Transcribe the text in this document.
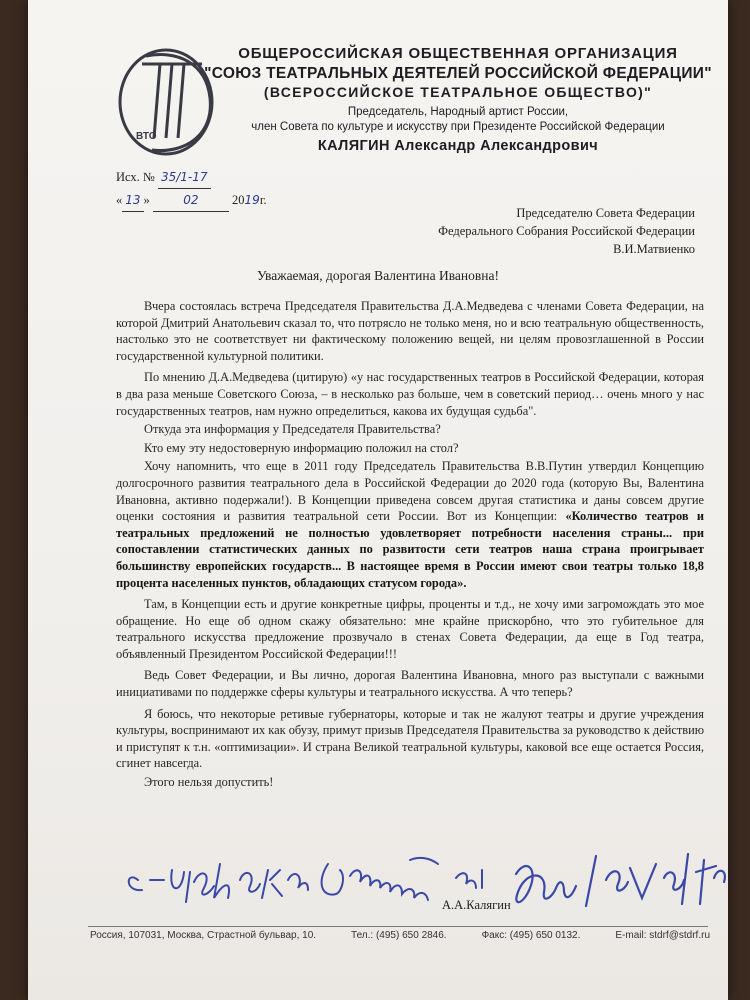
ВТО
ОБЩЕРОССИЙСКАЯ ОБЩЕСТВЕННАЯ ОРГАНИЗАЦИЯ
"СОЮЗ ТЕАТРАЛЬНЫХ ДЕЯТЕЛЕЙ РОССИЙСКОЙ ФЕДЕРАЦИИ"
(ВСЕРОССИЙСКОЕ ТЕАТРАЛЬНОЕ ОБЩЕСТВО)"
Председатель, Народный артист России,
член Совета по культуре и искусству при Президенте Российской Федерации
КАЛЯГИН Александр Александрович
Исх. № 35/1-17
« 13 »	02	2019г.
Председателю Совета Федерации
Федерального Собрания Российской Федерации
В.И.Матвиенко
Уважаемая, дорогая Валентина Ивановна!

Вчера состоялась встреча Председателя Правительства Д.А.Медведева с членами Совета Федерации, на которой Дмитрий Анатольевич сказал то, что потрясло не только меня, но и всю театральную общественность, настолько это не соответствует ни фактическому положению вещей, ни целям провозглашенной в России государственной культурной политики.

По мнению Д.А.Медведева (цитирую) «у нас государственных театров в Российской Федерации, которая в два раза меньше Советского Союза, – в несколько раз больше, чем в советский период… очень много у нас государственных театров, нам нужно определиться, какова их будущая судьба".

Откуда эта информация у Председателя Правительства?

Кто ему эту недостоверную информацию положил на стол?

Хочу напомнить, что еще в 2011 году Председатель Правительства В.В.Путин утвердил Концепцию долгосрочного развития театрального дела в Российской Федерации до 2020 года (которую Вы, Валентина Ивановна, активно подержали!). В Концепции приведена совсем другая статистика и даны совсем другие оценки состояния и развития театральной сети России. Вот из Концепции: «Количество театров и театральных предложений не полностью удовлетворяет потребности населения страны... при сопоставлении статистических данных по развитости сети театров наша страна проигрывает большинству европейских государств... В настоящее время в России имеют свои театры только 18,8 процента населенных пунктов, обладающих статусом города».

Там, в Концепции есть и другие конкретные цифры, проценты и т.д., не хочу ими загромождать это мое обращение. Но еще об одном скажу обязательно: мне крайне прискорбно, что это губительное для театрального искусства предложение прозвучало в стенах Совета Федерации, да еще в Год театра, объявленный Президентом Российской Федерации!!!

Ведь Совет Федерации, и Вы лично, дорогая Валентина Ивановна, много раз выступали с важными инициативами по поддержке сферы культуры и театрального искусства. А что теперь?

Я боюсь, что некоторые ретивые губернаторы, которые и так не жалуют театры и другие учреждения культуры, воспринимают их как обузу, примут призыв Председателя Правительства за руководство к действию и приступят к т.н. «оптимизации». И страна Великой театральной культуры, каковой все еще остается Россия, сгинет навсегда.

Этого нельзя допустить!

А.А.Калягин
Россия, 107031, Москва, Страстной бульвар, 10.	Тел.: (495) 650 2846.	Факс: (495) 650 0132.	E-mail: stdrf@stdrf.ru
